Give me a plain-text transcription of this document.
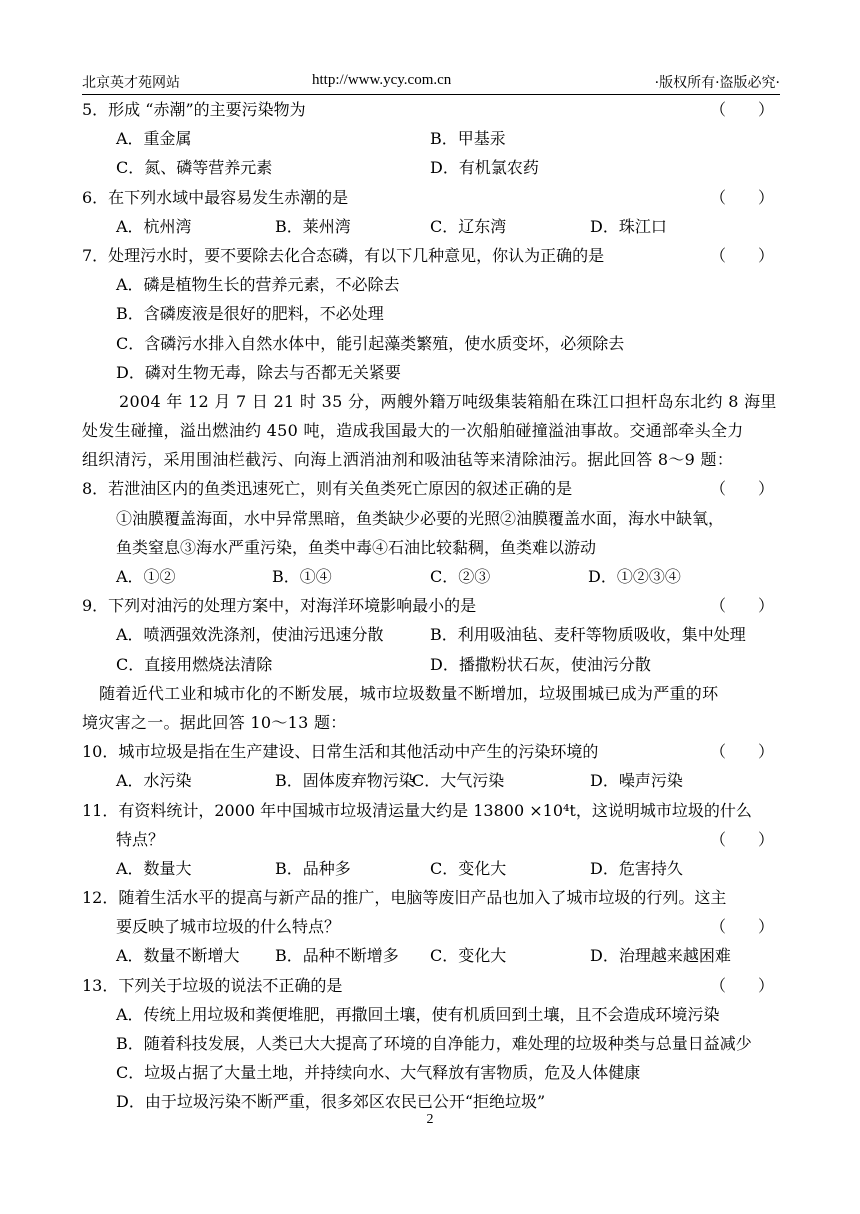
北京英才苑网站	http://www.ycy.com.cn	·版权所有·盗版必究·
5．形成 “赤潮”的主要污染物为	（　　）
A．重金属	B．甲基汞
C．氮、磷等营养元素	D．有机氯农药
6．在下列水域中最容易发生赤潮的是	（　　）
A．杭州湾	B．莱州湾	C．辽东湾	D．珠江口
7．处理污水时，要不要除去化合态磷，有以下几种意见，你认为正确的是	（　　）
A．磷是植物生长的营养元素，不必除去
B．含磷废液是很好的肥料，不必处理
C．含磷污水排入自然水体中，能引起藻类繁殖，使水质变坏，必须除去
D．磷对生物无毒，除去与否都无关紧要
2004 年 12 月 7 日 21 时 35 分，两艘外籍万吨级集装箱船在珠江口担杆岛东北约 8 海里
处发生碰撞，溢出燃油约 450 吨，造成我国最大的一次船舶碰撞溢油事故。交通部牵头全力
组织清污，采用围油栏截污、向海上洒消油剂和吸油毡等来清除油污。据此回答 8～9 题：
8．若泄油区内的鱼类迅速死亡，则有关鱼类死亡原因的叙述正确的是	（　　）
①油膜覆盖海面，水中异常黑暗，鱼类缺少必要的光照②油膜覆盖水面，海水中缺氧，
鱼类窒息③海水严重污染，鱼类中毒④石油比较黏稠，鱼类难以游动
A．①②	B．①④	C．②③	D．①②③④
9．下列对油污的处理方案中，对海洋环境影响最小的是	（　　）
A．喷洒强效洗涤剂，使油污迅速分散	B．利用吸油毡、麦秆等物质吸收，集中处理
C．直接用燃烧法清除	D．播撒粉状石灰，使油污分散
随着近代工业和城市化的不断发展，城市垃圾数量不断增加，垃圾围城已成为严重的环
境灾害之一。据此回答 10～13 题：
10．城市垃圾是指在生产建设、日常生活和其他活动中产生的污染环境的	（　　）
A．水污染	B．固体废弃物污染
C．大气污染	D．噪声污染
11．有资料统计，2000 年中国城市垃圾清运量大约是 13800 ×10⁴t，这说明城市垃圾的什么
特点？	（　　）
A．数量大	B．品种多	C．变化大	D．危害持久
12．随着生活水平的提高与新产品的推广，电脑等废旧产品也加入了城市垃圾的行列。这主
要反映了城市垃圾的什么特点？	（　　）
A．数量不断增大 B．品种不断增多 C．变化大	D．治理越来越困难
13．下列关于垃圾的说法不正确的是	（　　）
A．传统上用垃圾和粪便堆肥，再撒回土壤，使有机质回到土壤，且不会造成环境污染
B．随着科技发展，人类已大大提高了环境的自净能力，难处理的垃圾种类与总量日益减少
C．垃圾占据了大量土地，并持续向水、大气释放有害物质，危及人体健康
D．由于垃圾污染不断严重，很多郊区农民已公开“拒绝垃圾”
2
